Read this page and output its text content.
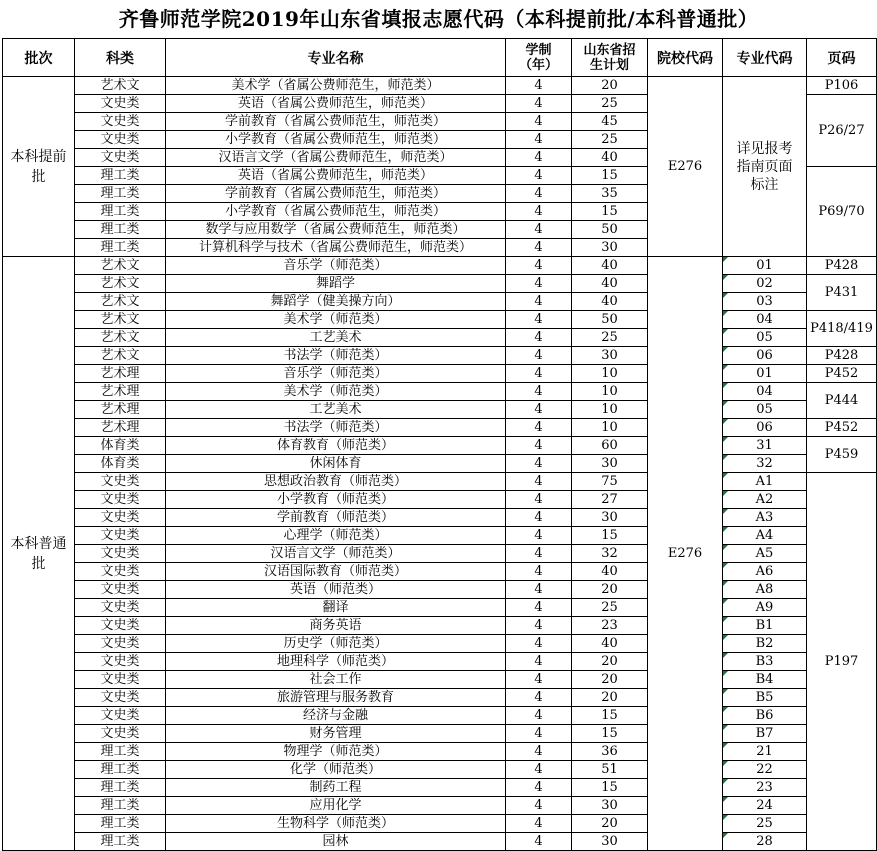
齐鲁师范学院2019年山东省填报志愿代码（本科提前批/本科普通批）
批次	科类	专业名称	学制
（年）	山东省招
生计划	院校代码	专业代码	页码
本科提前
批	艺术文	美术学（省属公费师范生，师范类）	4	20	E276	详见报考指南页面标注	P106
	文史类	英语（省属公费师范生，师范类）	4	25			P26/27
	文史类	学前教育（省属公费师范生，师范类）	4	45			
	文史类	小学教育（省属公费师范生，师范类）	4	25			
	文史类	汉语言文学（省属公费师范生，师范类）	4	40			
	理工类	英语（省属公费师范生，师范类）	4	15			P69/70
	理工类	学前教育（省属公费师范生，师范类）	4	35			
	理工类	小学教育（省属公费师范生，师范类）	4	15			
	理工类	数学与应用数学（省属公费师范生，师范类）	4	50			
	理工类	计算机科学与技术（省属公费师范生，师范类）	4	30			
本科普通
批	艺术文	音乐学（师范类）	4	40	E276	01	P428
	艺术文	舞蹈学	4	40		02	P431
	艺术文	舞蹈学（健美操方向）	4	40		03	
	艺术文	美术学（师范类）	4	50		04	P418/419
	艺术文	工艺美术	4	25		05	
	艺术文	书法学（师范类）	4	30		06	P428
	艺术理	音乐学（师范类）	4	10		01	P452
	艺术理	美术学（师范类）	4	10		04	P444
	艺术理	工艺美术	4	10		05	
	艺术理	书法学（师范类）	4	10		06	P452
	体育类	体育教育（师范类）	4	60		31	P459
	体育类	休闲体育	4	30		32	
	文史类	思想政治教育（师范类）	4	75		A1	P197
	文史类	小学教育（师范类）	4	27		A2	
	文史类	学前教育（师范类）	4	30		A3	
	文史类	心理学（师范类）	4	15		A4	
	文史类	汉语言文学（师范类）	4	32		A5	
	文史类	汉语国际教育（师范类）	4	40		A6	
	文史类	英语（师范类）	4	20		A8	
	文史类	翻译	4	25		A9	
	文史类	商务英语	4	23		B1	
	文史类	历史学（师范类）	4	40		B2	
	文史类	地理科学（师范类）	4	20		B3	
	文史类	社会工作	4	20		B4	
	文史类	旅游管理与服务教育	4	20		B5	
	文史类	经济与金融	4	15		B6	
	文史类	财务管理	4	15		B7	
	理工类	物理学（师范类）	4	36		21	
	理工类	化学（师范类）	4	51		22	
	理工类	制药工程	4	15		23	
	理工类	应用化学	4	30		24	
	理工类	生物科学（师范类）	4	20		25	
	理工类	园林	4	30		28	
